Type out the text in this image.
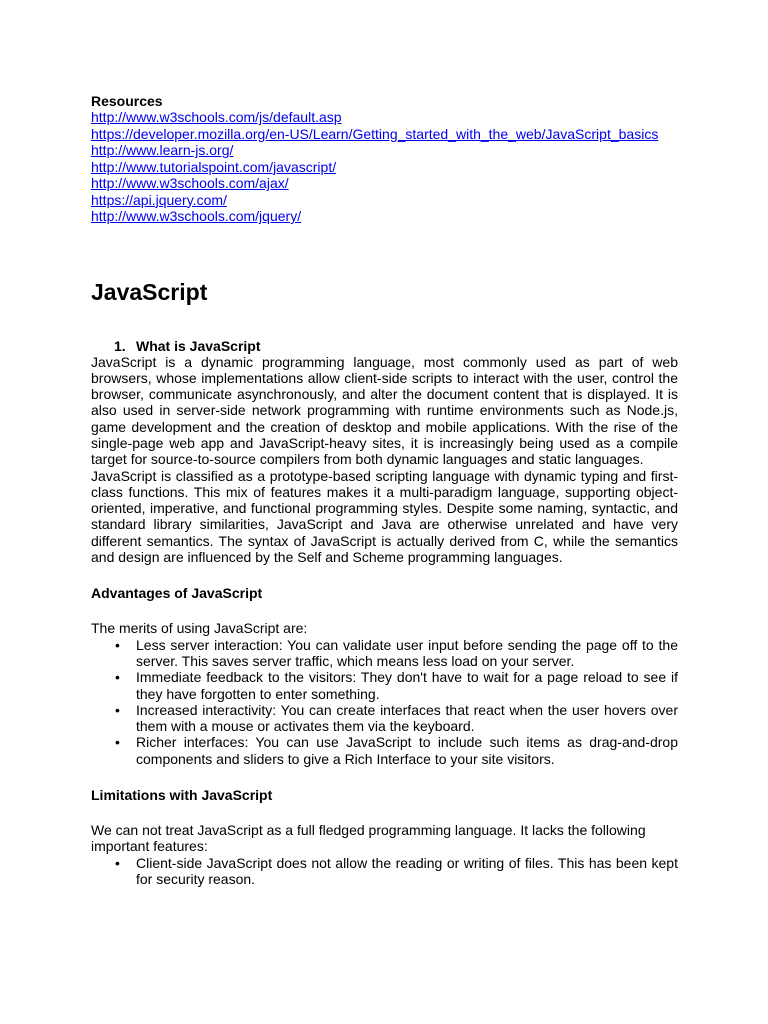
Resources
http://www.w3schools.com/js/default.asp
https://developer.mozilla.org/en-US/Learn/Getting_started_with_the_web/JavaScript_basics
http://www.learn-js.org/
http://www.tutorialspoint.com/javascript/
http://www.w3schools.com/ajax/
https://api.jquery.com/
http://www.w3schools.com/jquery/
JavaScript
1. What is JavaScript

JavaScript is a dynamic programming language, most commonly used as part of web browsers, whose implementations allow client-side scripts to interact with the user, control the browser, communicate asynchronously, and alter the document content that is displayed. It is also used in server-side network programming with runtime environments such as Node.js, game development and the creation of desktop and mobile applications. With the rise of the single-page web app and JavaScript-heavy sites, it is increasingly being used as a compile target for source-to-source compilers from both dynamic languages and static languages.

JavaScript is classified as a prototype-based scripting language with dynamic typing and first-class functions. This mix of features makes it a multi-paradigm language, supporting object-oriented, imperative, and functional programming styles. Despite some naming, syntactic, and standard library similarities, JavaScript and Java are otherwise unrelated and have very different semantics. The syntax of JavaScript is actually derived from C, while the semantics and design are influenced by the Self and Scheme programming languages.

Advantages of JavaScript
The merits of using JavaScript are:
• Less server interaction: You can validate user input before sending the page off to the server. This saves server traffic, which means less load on your server.
• Immediate feedback to the visitors: They don't have to wait for a page reload to see if they have forgotten to enter something.
• Increased interactivity: You can create interfaces that react when the user hovers over them with a mouse or activates them via the keyboard.
• Richer interfaces: You can use JavaScript to include such items as drag-and-drop components and sliders to give a Rich Interface to your site visitors.
Limitations with JavaScript
We can not treat JavaScript as a full fledged programming language. It lacks the following important features:
• Client-side JavaScript does not allow the reading or writing of files. This has been kept for security reason.
